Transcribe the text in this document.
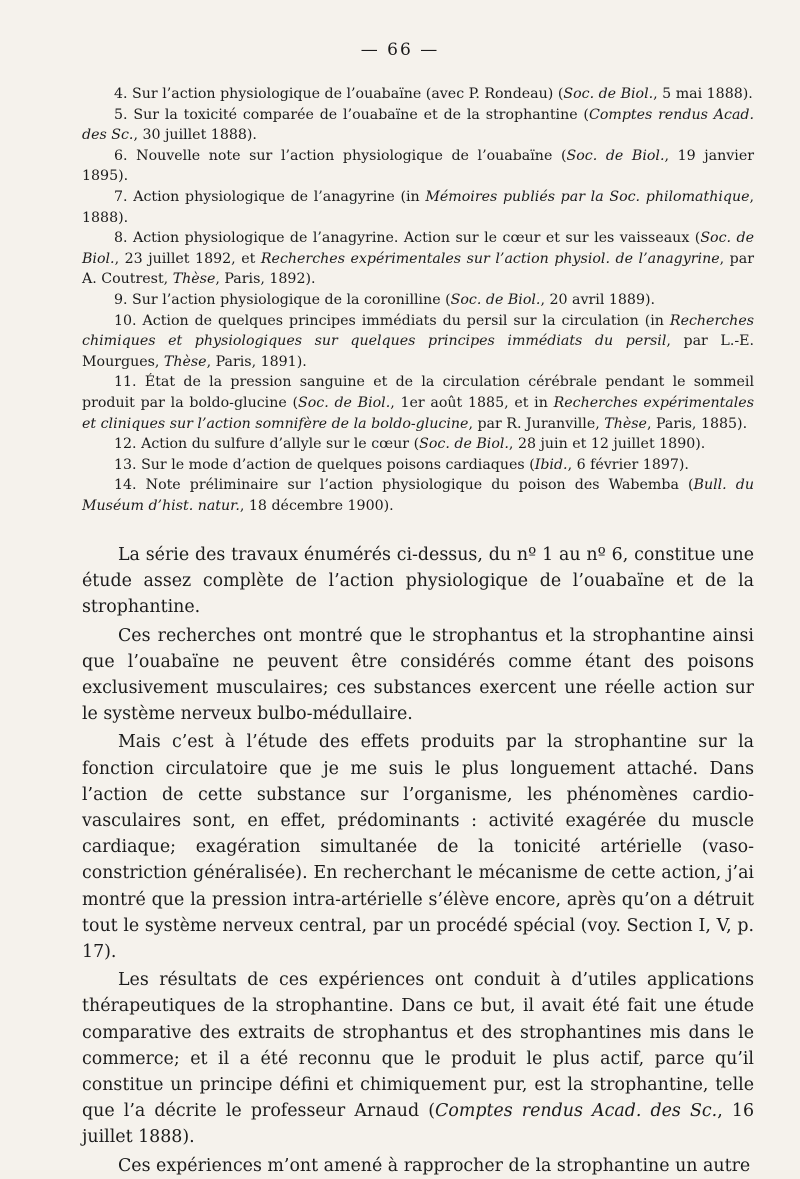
— 66 —

4. Sur l’action physiologique de l’ouabaïne (avec P. Rondeau) (Soc. de Biol., 5 mai 1888).

5. Sur la toxicité comparée de l’ouabaïne et de la strophantine (Comptes rendus Acad. des Sc., 30 juillet 1888).

6. Nouvelle note sur l’action physiologique de l’ouabaïne (Soc. de Biol., 19 janvier 1895).

7. Action physiologique de l’anagyrine (in Mémoires publiés par la Soc. philomathique, 1888).

8. Action physiologique de l’anagyrine. Action sur le cœur et sur les vaisseaux (Soc. de Biol., 23 juillet 1892, et Recherches expérimentales sur l’action physiol. de l’anagyrine, par A. Coutrest, Thèse, Paris, 1892).

9. Sur l’action physiologique de la coronilline (Soc. de Biol., 20 avril 1889).

10. Action de quelques principes immédiats du persil sur la circulation (in Recherches chimiques et physiologiques sur quelques principes immédiats du persil, par L.-E. Mourgues, Thèse, Paris, 1891).

11. État de la pression sanguine et de la circulation cérébrale pendant le sommeil produit par la boldo-glucine (Soc. de Biol., 1er août 1885, et in Recherches expérimentales et cliniques sur l’action somnifère de la boldo-glucine, par R. Juranville, Thèse, Paris, 1885).

12. Action du sulfure d’allyle sur le cœur (Soc. de Biol., 28 juin et 12 juillet 1890).

13. Sur le mode d’action de quelques poisons cardiaques (Ibid., 6 février 1897).

14. Note préliminaire sur l’action physiologique du poison des Wabemba (Bull. du Muséum d’hist. natur., 18 décembre 1900).

La série des travaux énumérés ci-dessus, du nº 1 au nº 6, constitue une étude assez complète de l’action physiologique de l’ouabaïne et de la strophantine.

Ces recherches ont montré que le strophantus et la strophantine ainsi que l’ouabaïne ne peuvent être considérés comme étant des poisons exclusivement musculaires; ces substances exercent une réelle action sur le système nerveux bulbo-médullaire.

Mais c’est à l’étude des effets produits par la strophantine sur la fonction circulatoire que je me suis le plus longuement attaché. Dans l’action de cette substance sur l’organisme, les phénomènes cardio-vasculaires sont, en effet, prédominants : activité exagérée du muscle cardiaque; exagération simultanée de la tonicité artérielle (vaso-constriction généralisée). En recherchant le mécanisme de cette action, j’ai montré que la pression intra-artérielle s’élève encore, après qu’on a détruit tout le système nerveux central, par un procédé spécial (voy. Section I, V, p. 17).

Les résultats de ces expériences ont conduit à d’utiles applications thérapeutiques de la strophantine. Dans ce but, il avait été fait une étude comparative des extraits de strophantus et des strophantines mis dans le commerce; et il a été reconnu que le produit le plus actif, parce qu’il constitue un principe défini et chimiquement pur, est la strophantine, telle que l’a décrite le professeur Arnaud (Comptes rendus Acad. des Sc., 16 juillet 1888).

Ces expériences m’ont amené à rapprocher de la strophantine un autre
